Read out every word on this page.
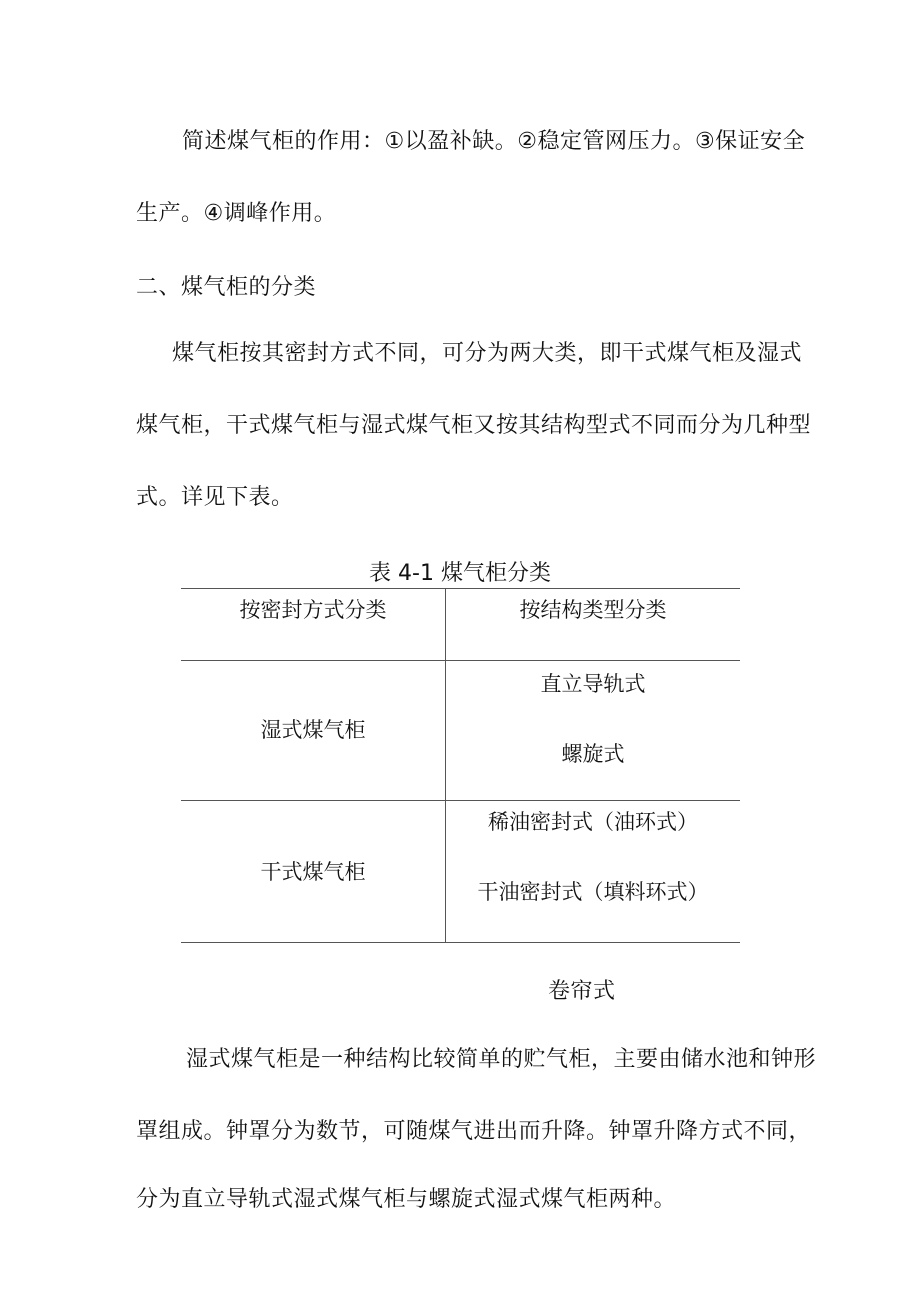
简述煤气柜的作用：①以盈补缺。②稳定管网压力。③保证安全
生产。④调峰作用。
二、煤气柜的分类
煤气柜按其密封方式不同，可分为两大类，即干式煤气柜及湿式
煤气柜，干式煤气柜与湿式煤气柜又按其结构型式不同而分为几种型
式。详见下表。
表 4-1 煤气柜分类
按密封方式分类	按结构类型分类
湿式煤气柜
直立导轨式
螺旋式
干式煤气柜
稀油密封式（油环式）
干油密封式（填料环式）
卷帘式
湿式煤气柜是一种结构比较简单的贮气柜，主要由储水池和钟形
罩组成。钟罩分为数节，可随煤气进出而升降。钟罩升降方式不同，
分为直立导轨式湿式煤气柜与螺旋式湿式煤气柜两种。
